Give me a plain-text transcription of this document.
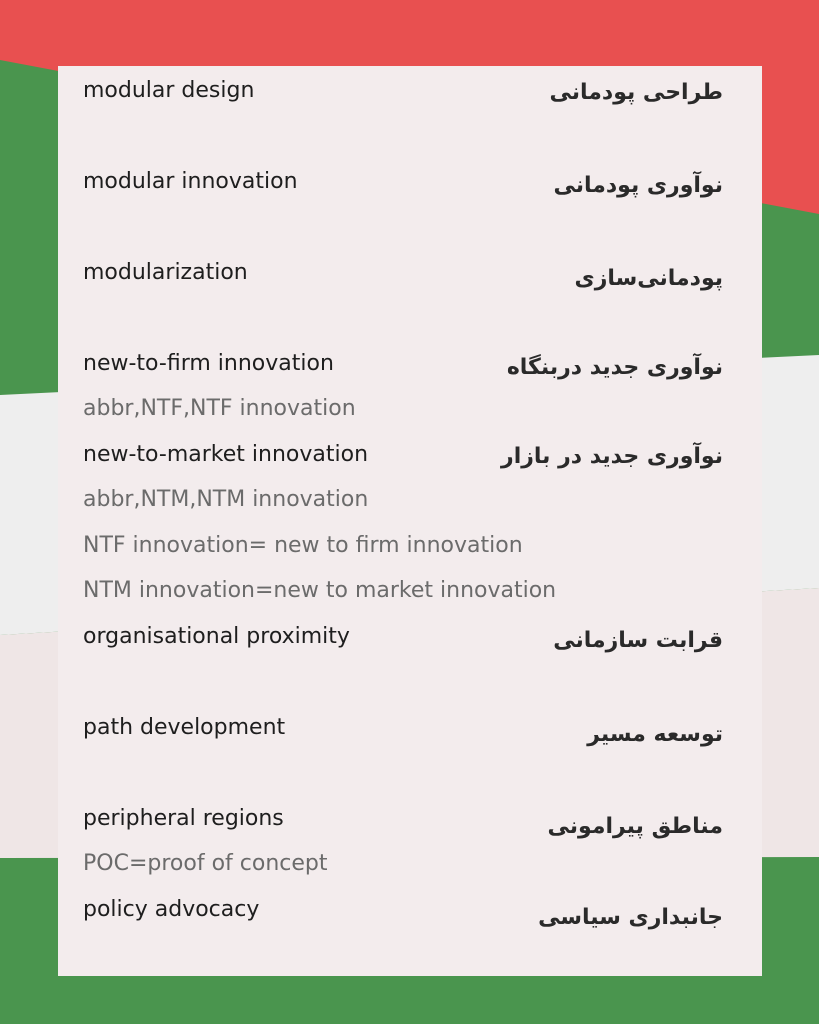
modular design	طراحی پودمانی
modular innovation	نوآوری پودمانی
modularization	پودمانی‌سازی
new-to-firm innovation	نوآوری جدید دربنگاه
abbr,NTF,NTF innovation
new-to-market innovation	نوآوری جدید در بازار
abbr,NTM,NTM innovation
NTF innovation= new to firm innovation
NTM innovation=new to market innovation
organisational proximity	قرابت سازمانی
path development	توسعه مسیر
peripheral regions	مناطق پیرامونی
POC=proof of concept
policy advocacy	جانبداری سیاسی
